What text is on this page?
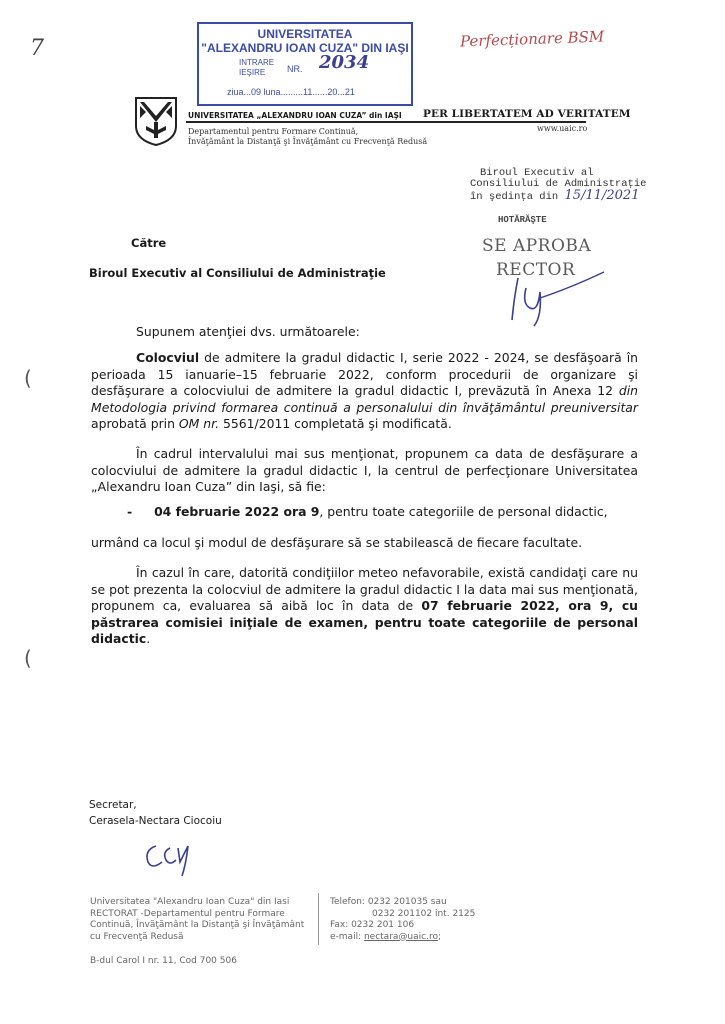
7
(
(
Perfecționare BSM
UNIVERSITATEA
"ALEXANDRU IOAN CUZA" DIN IAŞI
INTRARE
IEŞIRE NR. 2034
ziua...09 luna.........11......20...21
UNIVERSITATEA „ALEXANDRU IOAN CUZA” din IAŞI PER LIBERTATEM AD VERITATEM
Departamentul pentru Formare Continuă,
Învăţământ la Distanţă şi Învăţământ cu Frecvenţă Redusă
www.uaic.ro
Biroul Executiv al
Consiliului de Administraţie
în şedinţa din 15/11/2021
HOTĂRĂŞTE
SE APROBA
RECTOR
Către
Biroul Executiv al Consiliului de Administraţie
Supunem atenţiei dvs. următoarele:
Colocviul de admitere la gradul didactic I, serie 2022 - 2024, se desfăşoară în perioada 15 ianuarie–15 februarie 2022, conform procedurii de organizare şi desfăşurare a colocviului de admitere la gradul didactic I, prevăzută în Anexa 12 din Metodologia privind formarea continuă a personalului din învăţământul preuniversitar aprobată prin OM nr. 5561/2011 completată şi modificată.
În cadrul intervalului mai sus menţionat, propunem ca data de desfăşurare a colocviului de admitere la gradul didactic I, la centrul de perfecţionare Universitatea „Alexandru Ioan Cuza” din Iaşi, să fie:
- 04 februarie 2022 ora 9, pentru toate categoriile de personal didactic,
urmând ca locul şi modul de desfăşurare să se stabilească de fiecare facultate.
În cazul în care, datorită condiţiilor meteo nefavorabile, există candidaţi care nu se pot prezenta la colocviul de admitere la gradul didactic I la data mai sus menţionată, propunem ca, evaluarea să aibă loc în data de 07 februarie 2022, ora 9, cu păstrarea comisiei iniţiale de examen, pentru toate categoriile de personal didactic.
Secretar,
Cerasela-Nectara Ciocoiu
Universitatea "Alexandru Ioan Cuza" din Iasi
RECTORAT -Departamentul pentru Formare
Continuă, Învăţământ la Distanţă şi Învăţământ
cu Frecvenţă Redusă
Telefon: 0232 201035 sau
0232 201102 int. 2125
Fax: 0232 201 106
e-mail: nectara@uaic.ro;
B-dul Carol I nr. 11, Cod 700 506
